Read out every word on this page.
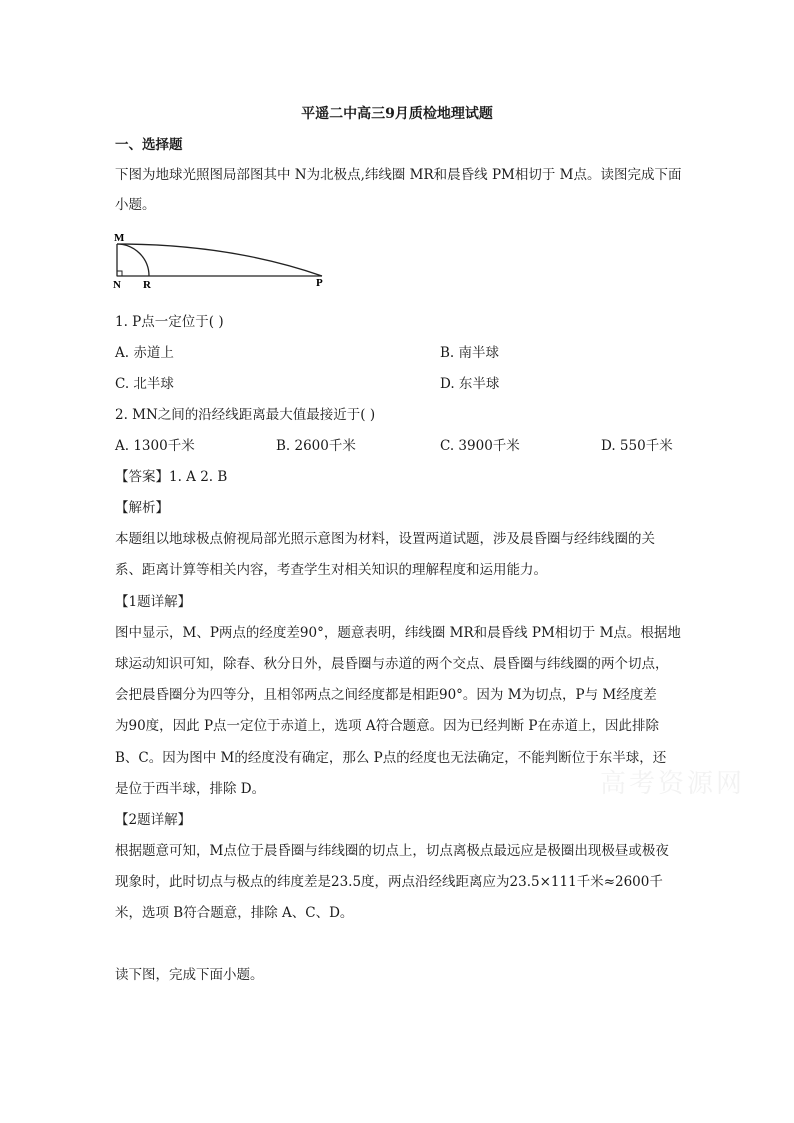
平遥二中高三9月质检地理试题
一、选择题
下图为地球光照图局部图其中 N为北极点,纬线圈 MR和晨昏线 PM相切于 M点。读图完成下面
小题。
M
N R	P
1. P点一定位于( )
A. 赤道上	B. 南半球
C. 北半球	D. 东半球
2. MN之间的沿经线距离最大值最接近于( )
A. 1300千米	B. 2600千米	C. 3900千米	D. 550千米
【答案】1. A 2. B
【解析】
本题组以地球极点俯视局部光照示意图为材料，设置两道试题，涉及晨昏圈与经纬线圈的关
系、距离计算等相关内容，考查学生对相关知识的理解程度和运用能力。
【1题详解】
图中显示，M、P两点的经度差90°，题意表明，纬线圈 MR和晨昏线 PM相切于 M点。根据地
球运动知识可知，除春、秋分日外，晨昏圈与赤道的两个交点、晨昏圈与纬线圈的两个切点，
会把晨昏圈分为四等分，且相邻两点之间经度都是相距90°。因为 M为切点，P与 M经度差
为90度，因此 P点一定位于赤道上，选项 A符合题意。因为已经判断 P在赤道上，因此排除
B、C。因为图中 M的经度没有确定，那么 P点的经度也无法确定，不能判断位于东半球，还
是位于西半球，排除 D。
【2题详解】
根据题意可知，M点位于晨昏圈与纬线圈的切点上，切点离极点最远应是极圈出现极昼或极夜
现象时，此时切点与极点的纬度差是23.5度，两点沿经线距离应为23.5×111千米≈2600千
米，选项 B符合题意，排除 A、C、D。
读下图，完成下面小题。
高考资源网
